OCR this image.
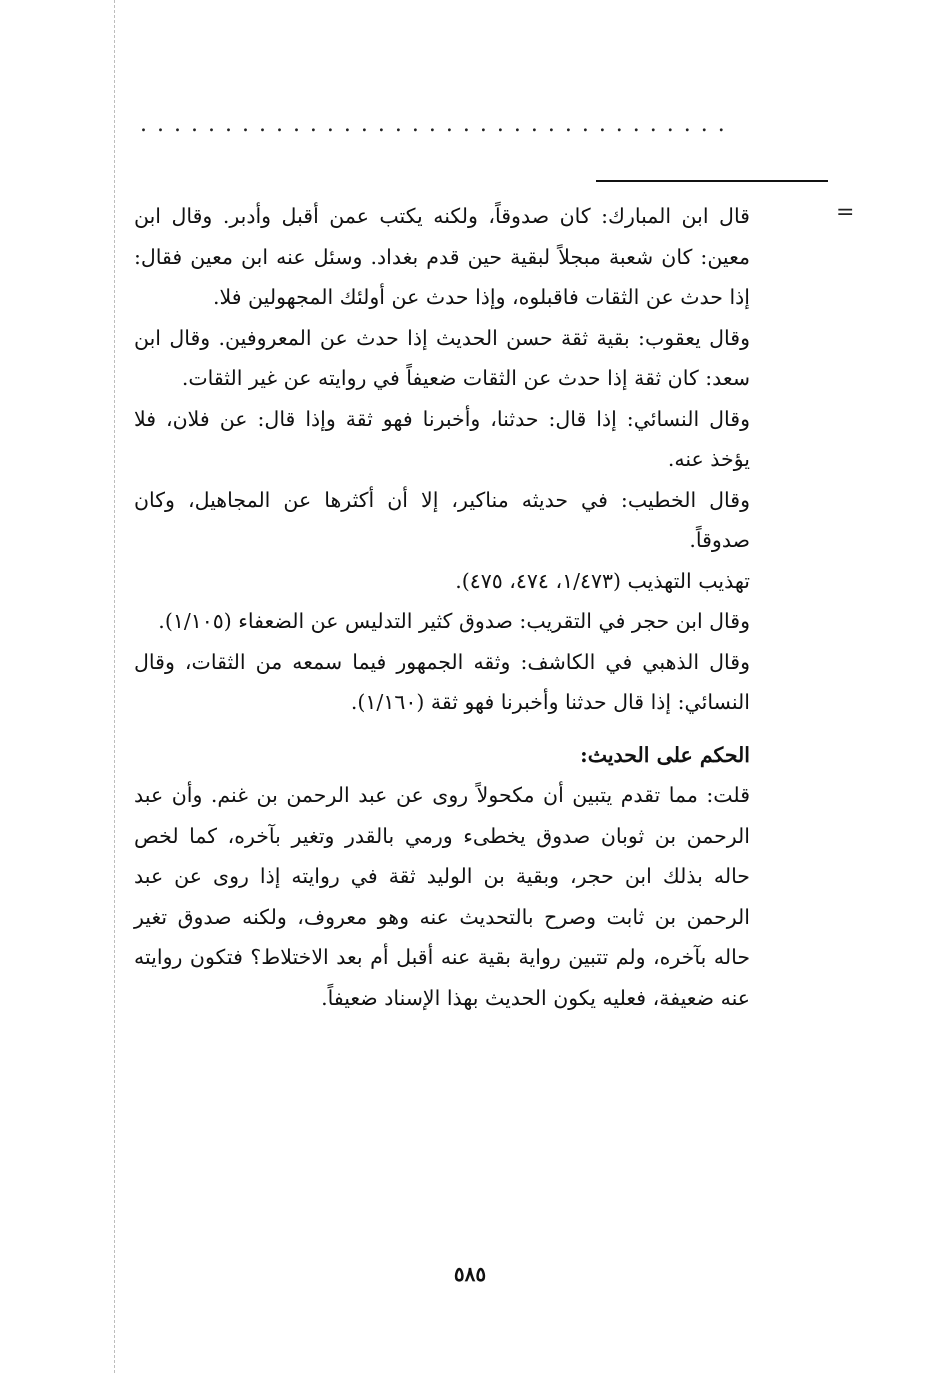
...................................
=

قال ابن المبارك: كان صدوقاً، ولكنه يكتب عمن أقبل وأدبر. وقال ابن معين: كان شعبة مبجلاً لبقية حين قدم بغداد. وسئل عنه ابن معين فقال: إذا حدث عن الثقات فاقبلوه، وإذا حدث عن أولئك المجهولين فلا.

وقال يعقوب: بقية ثقة حسن الحديث إذا حدث عن المعروفين. وقال ابن سعد: كان ثقة إذا حدث عن الثقات ضعيفاً في روايته عن غير الثقات.

وقال النسائي: إذا قال: حدثنا، وأخبرنا فهو ثقة وإذا قال: عن فلان، فلا يؤخذ عنه.

وقال الخطيب: في حديثه مناكير، إلا أن أكثرها عن المجاهيل، وكان صدوقاً.

تهذيب التهذيب (١/٤٧٣، ٤٧٤، ٤٧٥).

وقال ابن حجر في التقريب: صدوق كثير التدليس عن الضعفاء (١/١٠٥).

وقال الذهبي في الكاشف: وثقه الجمهور فيما سمعه من الثقات، وقال النسائي: إذا قال حدثنا وأخبرنا فهو ثقة (١/١٦٠).

الحكم على الحديث:

قلت: مما تقدم يتبين أن مكحولاً روى عن عبد الرحمن بن غنم. وأن عبد الرحمن بن ثوبان صدوق يخطىء ورمي بالقدر وتغير بآخره، كما لخص حاله بذلك ابن حجر، وبقية بن الوليد ثقة في روايته إذا روى عن عبد الرحمن بن ثابت وصرح بالتحديث عنه وهو معروف، ولكنه صدوق تغير حاله بآخره، ولم تتبين رواية بقية عنه أقبل أم بعد الاختلاط؟ فتكون روايته عنه ضعيفة، فعليه يكون الحديث بهذا الإسناد ضعيفاً.

٥٨٥
